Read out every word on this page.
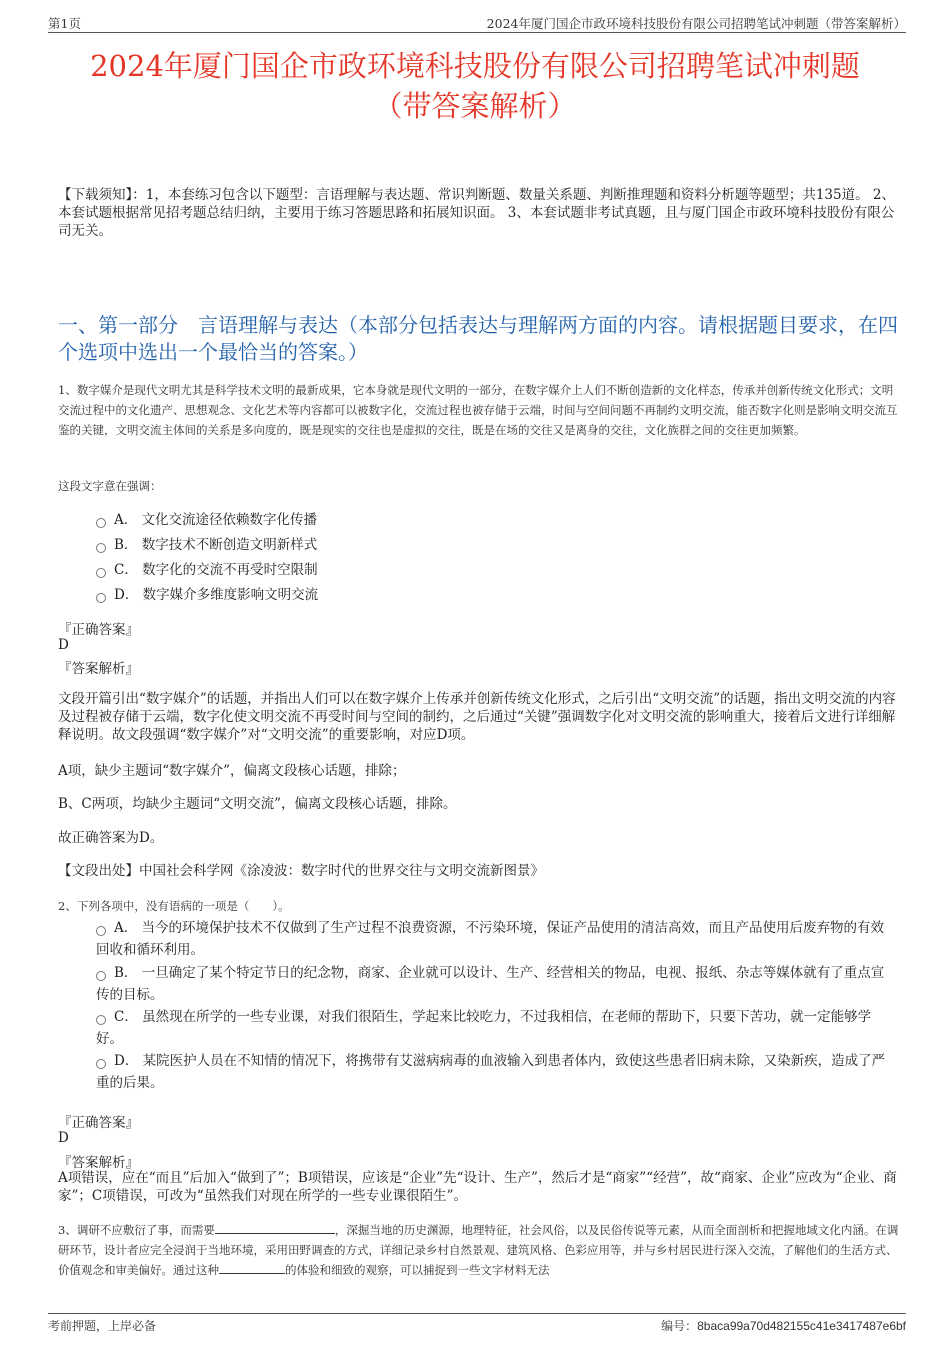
第1页	2024年厦门国企市政环境科技股份有限公司招聘笔试冲刺题（带答案解析）
2024年厦门国企市政环境科技股份有限公司招聘笔试冲刺题
（带答案解析）
【下载须知】：1，本套练习包含以下题型：言语理解与表达题、常识判断题、数量关系题、判断推理题和资料分析题等题型；共135道。 2、本套试题根据常见招考题总结归纳，主要用于练习答题思路和拓展知识面。 3、本套试题非考试真题，且与厦门国企市政环境科技股份有限公司无关。
一、第一部分　言语理解与表达（本部分包括表达与理解两方面的内容。请根据题目要求，在四个选项中选出一个最恰当的答案。）
1、数字媒介是现代文明尤其是科学技术文明的最新成果，它本身就是现代文明的一部分，在数字媒介上人们不断创造新的文化样态，传承并创新传统文化形式；文明交流过程中的文化遗产、思想观念、文化艺术等内容都可以被数字化，交流过程也被存储于云端，时间与空间问题不再制约文明交流，能否数字化则是影响文明交流互鉴的关键，文明交流主体间的关系是多向度的，既是现实的交往也是虚拟的交往，既是在场的交往又是离身的交往，文化族群之间的交往更加频繁。
这段文字意在强调：
A． 文化交流途径依赖数字化传播
B． 数字技术不断创造文明新样式
C． 数字化的交流不再受时空限制
D． 数字媒介多维度影响文明交流
『正确答案』
D
『答案解析』
文段开篇引出“数字媒介”的话题，并指出人们可以在数字媒介上传承并创新传统文化形式，之后引出“文明交流”的话题，指出文明交流的内容及过程被存储于云端，数字化使文明交流不再受时间与空间的制约，之后通过“关键”强调数字化对文明交流的影响重大，接着后文进行详细解释说明。故文段强调“数字媒介”对“文明交流”的重要影响，对应D项。
A项，缺少主题词“数字媒介”，偏离文段核心话题，排除；
B、C两项，均缺少主题词“文明交流”，偏离文段核心话题，排除。
故正确答案为D。
【文段出处】中国社会科学网《涂凌波：数字时代的世界交往与文明交流新图景》
2、下列各项中，没有语病的一项是（　　）。
A． 当今的环境保护技术不仅做到了生产过程不浪费资源，不污染环境，保证产品使用的清洁高效，而且产品使用后废弃物的有效回收和循环利用。
B． 一旦确定了某个特定节日的纪念物，商家、企业就可以设计、生产、经营相关的物品，电视、报纸、杂志等媒体就有了重点宣传的目标。
C． 虽然现在所学的一些专业课，对我们很陌生，学起来比较吃力，不过我相信，在老师的帮助下，只要下苦功，就一定能够学好。
D． 某院医护人员在不知情的情况下，将携带有艾滋病病毒的血液输入到患者体内，致使这些患者旧病未除，又染新疾，造成了严重的后果。
『正确答案』
D
『答案解析』
A项错误，应在“而且”后加入“做到了”；B项错误，应该是“企业”先“设计、生产”，然后才是“商家”“经营”，故“商家、企业”应改为“企业、商家”；C项错误，可改为“虽然我们对现在所学的一些专业课很陌生”。
3、调研不应敷衍了事，而需要	，深掘当地的历史渊源，地理特征，社会风俗，以及民俗传说等元素，从而全面剖析和把握地域文化内涵。在调研环节，设计者应完全浸润于当地环境，采用田野调查的方式，详细记录乡村自然景观、建筑风格、色彩应用等，并与乡村居民进行深入交流，了解他们的生活方式、价值观念和审美偏好。通过这种	的体验和细致的观察，可以捕捉到一些文字材料无法
考前押题，上岸必备	编号：8baca99a70d482155c41e3417487e6bf
